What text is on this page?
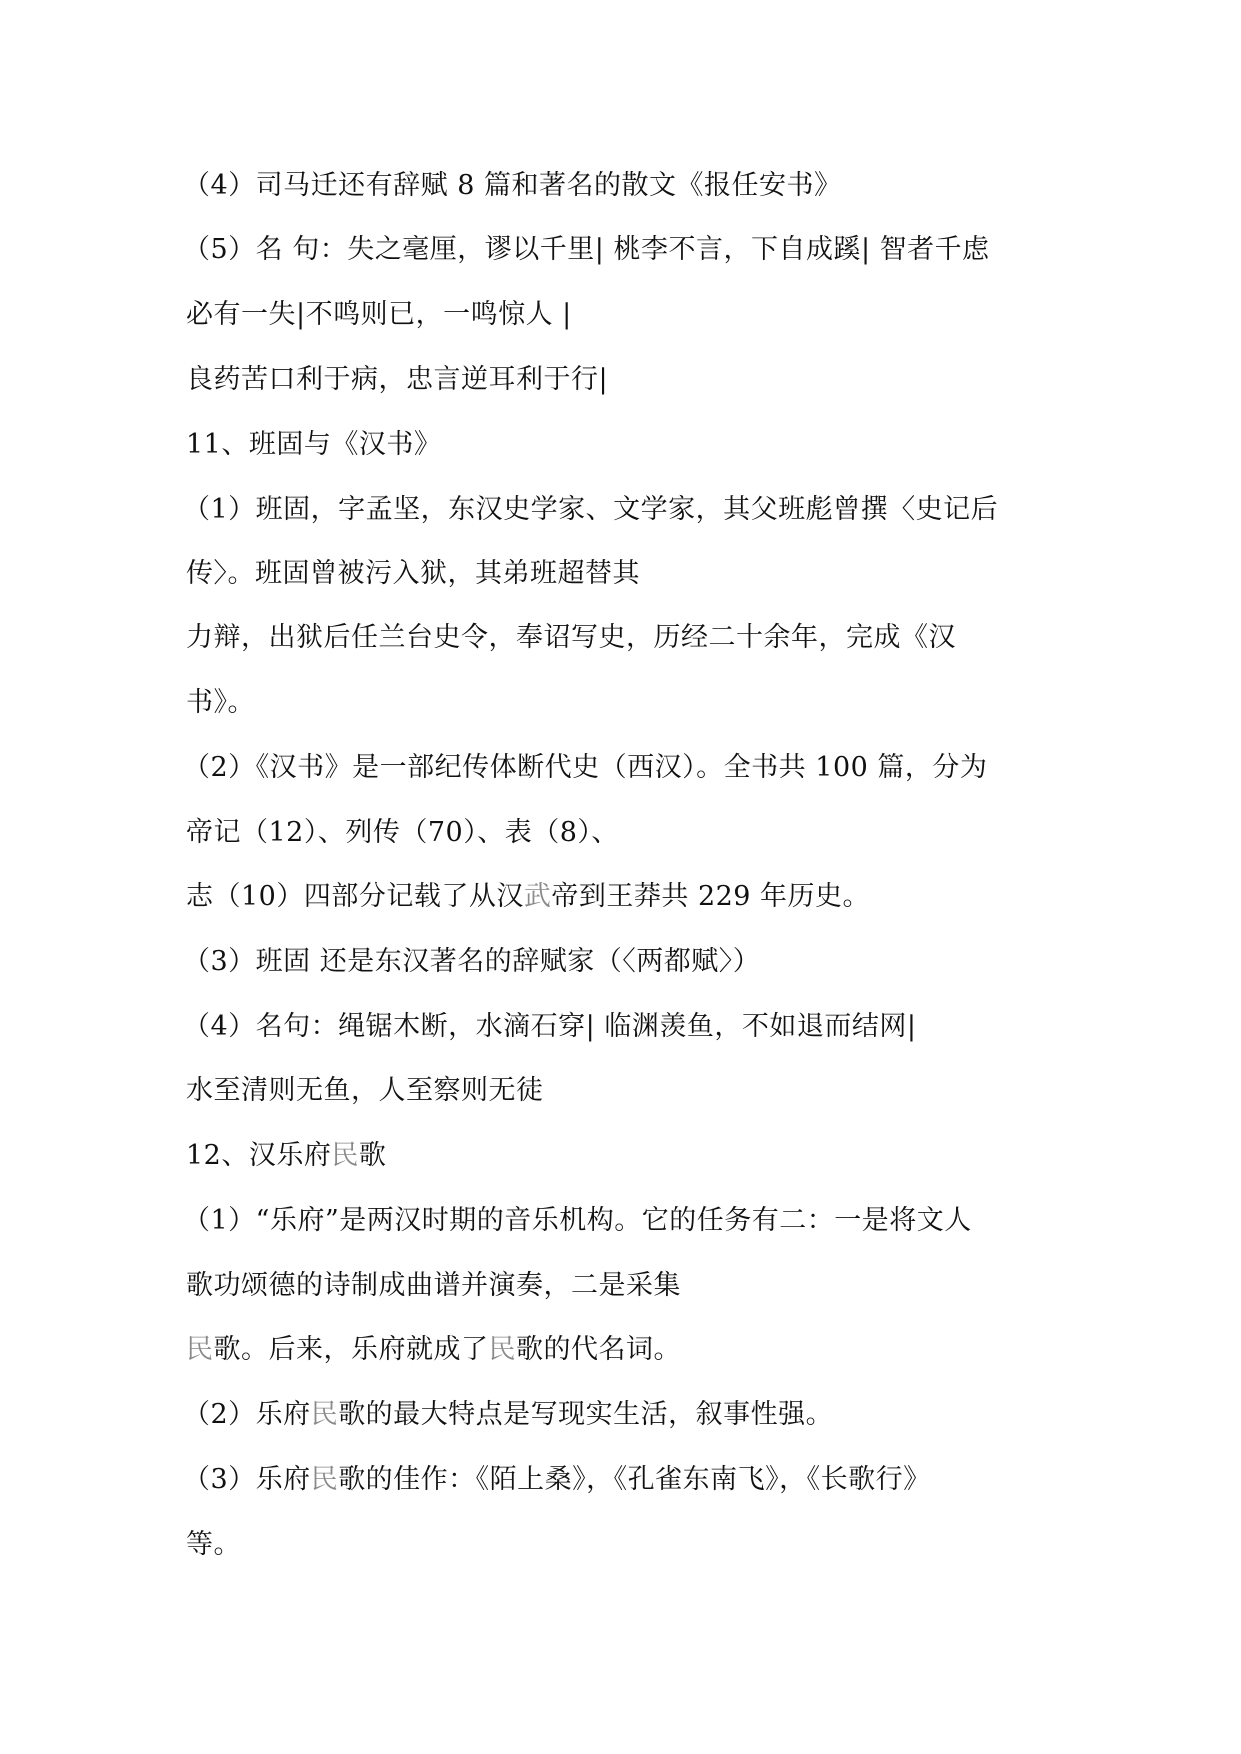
（4）司马迁还有辞赋 8 篇和著名的散文《报任安书》

（5）名 句：失之毫厘，谬以千里| 桃李不言，下自成蹊| 智者千虑

必有一失|不鸣则已，一鸣惊人 |

良药苦口利于病，忠言逆耳利于行|

11、班固与《汉书》

（1）班固，字孟坚，东汉史学家、文学家，其父班彪曾撰〈史记后

传〉。班固曾被污入狱，其弟班超替其

力辩，出狱后任兰台史令，奉诏写史，历经二十余年，完成《汉

书》。

（2）《汉书》是一部纪传体断代史（西汉）。全书共 100 篇，分为

帝记（12）、列传（70）、表（8）、

志（10）四部分记载了从汉武帝到王莽共 229 年历史。

（3）班固 还是东汉著名的辞赋家（〈两都赋〉）

（4）名句：绳锯木断，水滴石穿| 临渊羡鱼，不如退而结网|

水至清则无鱼，人至察则无徒

12、汉乐府民歌

（1）“乐府”是两汉时期的音乐机构。它的任务有二：一是将文人

歌功颂德的诗制成曲谱并演奏，二是采集

民歌。后来，乐府就成了民歌的代名词。

（2）乐府民歌的最大特点是写现实生活，叙事性强。

（3）乐府民歌的佳作：《陌上桑》，《孔雀东南飞》，《长歌行》

等。
